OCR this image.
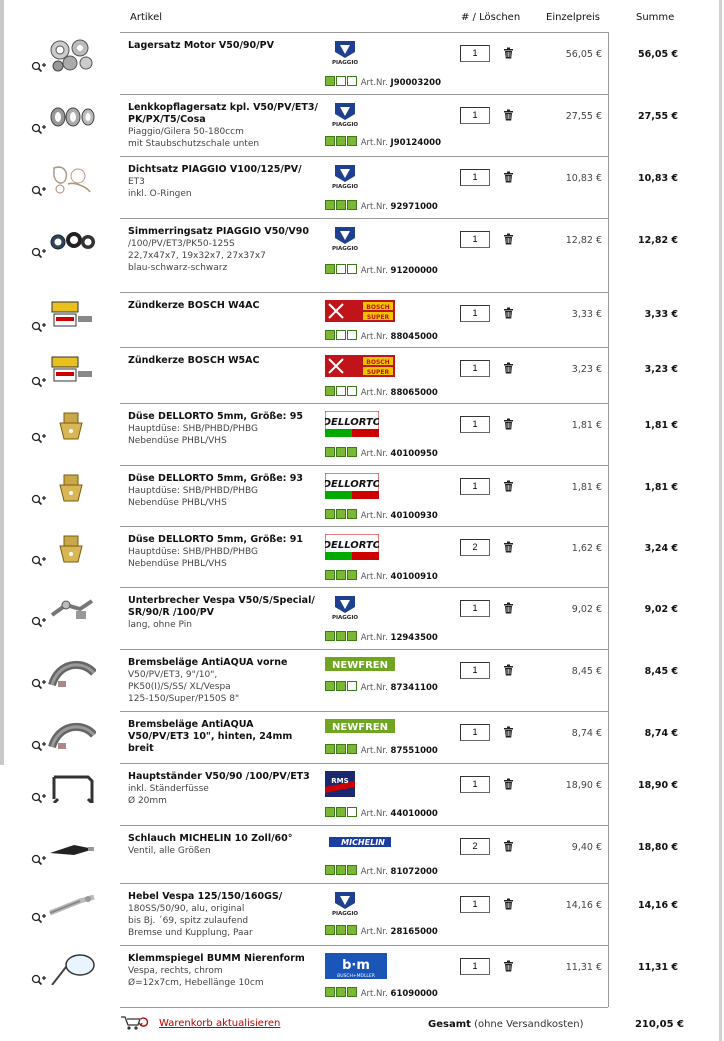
Artikel	# / Löschen	Einzelpreis	Summe
Lagersatz Motor V50/90/PV
PIAGGIO
Art.Nr. J90003200
1
56,05 €	56,05 €
Lenkkopflagersatz kpl. V50/PV/ET3/ PK/PX/T5/Cosa
Piaggio/Gilera 50-180ccm
mit Staubschutzschale unten
PIAGGIO
Art.Nr. J90124000
1
27,55 €	27,55 €
Dichtsatz PIAGGIO V100/125/PV/
ET3
inkl. O-Ringen
PIAGGIO
Art.Nr. 92971000
1
10,83 €	10,83 €
Simmerringsatz PIAGGIO V50/V90
/100/PV/ET3/PK50-125S
22,7x47x7, 19x32x7, 27x37x7
blau-schwarz-schwarz
PIAGGIO
Art.Nr. 91200000
1
12,82 €	12,82 €
Zündkerze BOSCH W4AC	BOSCH
SUPER
Art.Nr. 88045000
1
3,33 €	3,33 €
Zündkerze BOSCH W5AC	BOSCH
SUPER
Art.Nr. 88065000
1
3,23 €	3,23 €
Düse DELLORTO 5mm, Größe: 95
Hauptdüse: SHB/PHBD/PHBG
Nebendüse PHBL/VHS
DELLORTO
Art.Nr. 40100950
1
1,81 €	1,81 €
Düse DELLORTO 5mm, Größe: 93
Hauptdüse: SHB/PHBD/PHBG
Nebendüse PHBL/VHS
DELLORTO
Art.Nr. 40100930
1
1,81 €	1,81 €
Düse DELLORTO 5mm, Größe: 91
Hauptdüse: SHB/PHBD/PHBG
Nebendüse PHBL/VHS
DELLORTO
Art.Nr. 40100910
2
1,62 €	3,24 €
Unterbrecher Vespa V50/S/Special/ SR/90/R /100/PV
lang, ohne Pin
PIAGGIO
Art.Nr. 12943500
1
9,02 €	9,02 €
Bremsbeläge AntiAQUA vorne
V50/PV/ET3, 9"/10",
PK50(I)/S/SS/ XL/Vespa
125-150/Super/P150S 8"
NEWFREN
Art.Nr. 87341100
1
8,45 €	8,45 €
Bremsbeläge AntiAQUA V50/PV/ET3 10", hinten, 24mm breit
NEWFREN
Art.Nr. 87551000
1
8,74 €	8,74 €
Hauptständer V50/90 /100/PV/ET3
inkl. Ständerfüsse
Ø 20mm
RMS
Art.Nr. 44010000
1
18,90 €	18,90 €
Schlauch MICHELIN 10 Zoll/60°
Ventil, alle Größen
MICHELIN
Art.Nr. 81072000
2
9,40 €	18,80 €
Hebel Vespa 125/150/160GS/
180SS/50/90, alu, original
bis Bj. ´69, spitz zulaufend
Bremse und Kupplung, Paar
PIAGGIO
Art.Nr. 28165000
1
14,16 €	14,16 €
Klemmspiegel BUMM Nierenform
Vespa, rechts, chrom
Ø=12x7cm, Hebellänge 10cm
b·m
BUSCH+MÜLLER
Art.Nr. 61090000
1
11,31 €	11,31 €
Warenkorb aktualisieren	Gesamt (ohne Versandkosten)	210,05 €
